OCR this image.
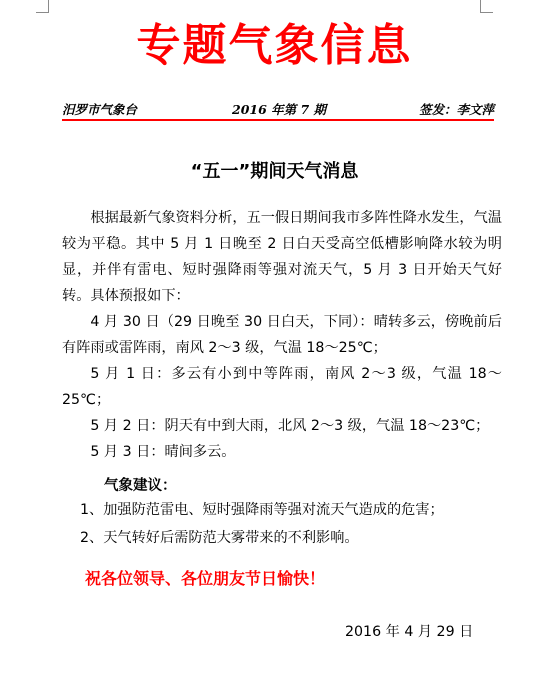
专题气象信息
汨罗市气象台	2016 年第 7 期	签发：李文萍
“五一”期间天气消息

根据最新气象资料分析，五一假日期间我市多阵性降水发生，气温较为平稳。其中 5 月 1 日晚至 2 日白天受高空低槽影响降水较为明显，并伴有雷电、短时强降雨等强对流天气，5 月 3 日开始天气好转。具体预报如下：

4 月 30 日（29 日晚至 30 日白天，下同）：晴转多云，傍晚前后有阵雨或雷阵雨，南风 2～3 级，气温 18～25℃；

5 月 1 日：多云有小到中等阵雨，南风 2～3 级，气温 18～25℃；

5 月 2 日：阴天有中到大雨，北风 2～3 级，气温 18～23℃；

5 月 3 日：晴间多云。

气象建议：
1、加强防范雷电、短时强降雨等强对流天气造成的危害；
2、天气转好后需防范大雾带来的不利影响。
祝各位领导、各位朋友节日愉快！
2016 年 4 月 29 日
